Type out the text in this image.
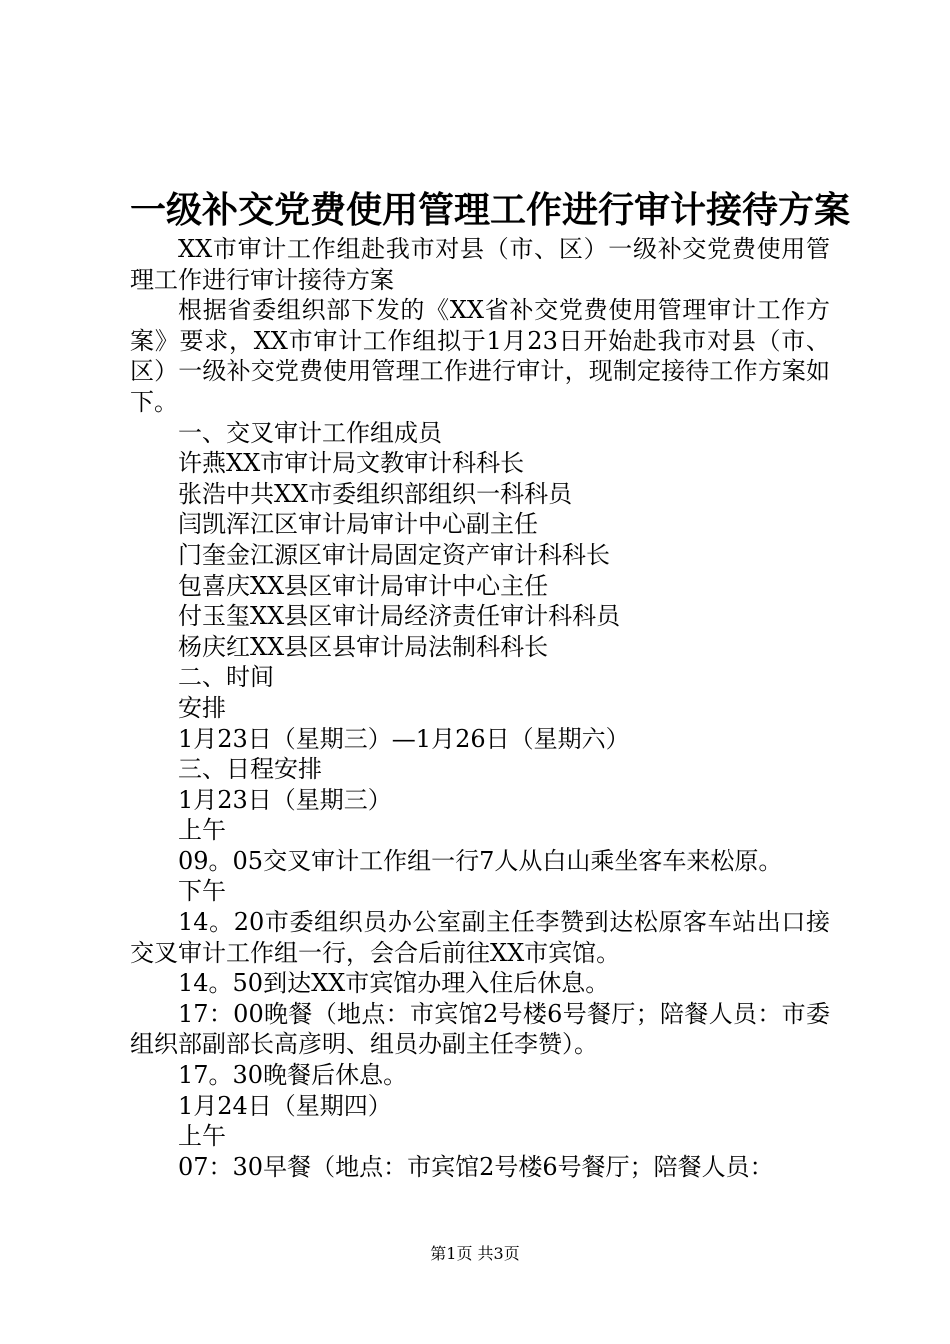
一级补交党费使用管理工作进行审计接待方案

XX市审计工作组赴我市对县（市、区）一级补交党费使用管理工作进行审计接待方案

根据省委组织部下发的《XX省补交党费使用管理审计工作方案》要求，XX市审计工作组拟于1月23日开始赴我市对县（市、区）一级补交党费使用管理工作进行审计，现制定接待工作方案如下。

一、交叉审计工作组成员

许燕XX市审计局文教审计科科长

张浩中共XX市委组织部组织一科科员

闫凯浑江区审计局审计中心副主任

门奎金江源区审计局固定资产审计科科长

包喜庆XX县区审计局审计中心主任

付玉玺XX县区审计局经济责任审计科科员

杨庆红XX县区县审计局法制科科长

二、时间

安排

1月23日（星期三）—1月26日（星期六）

三、日程安排

1月23日（星期三）

上午

09。05交叉审计工作组一行7人从白山乘坐客车来松原。

下午

14。20市委组织员办公室副主任李赞到达松原客车站出口接交叉审计工作组一行，会合后前往XX市宾馆。

14。50到达XX市宾馆办理入住后休息。

17：00晚餐（地点：市宾馆2号楼6号餐厅；陪餐人员：市委组织部副部长高彦明、组员办副主任李赞）。

17。30晚餐后休息。

1月24日（星期四）

上午

07：30早餐（地点：市宾馆2号楼6号餐厅；陪餐人员：

第1页 共3页
